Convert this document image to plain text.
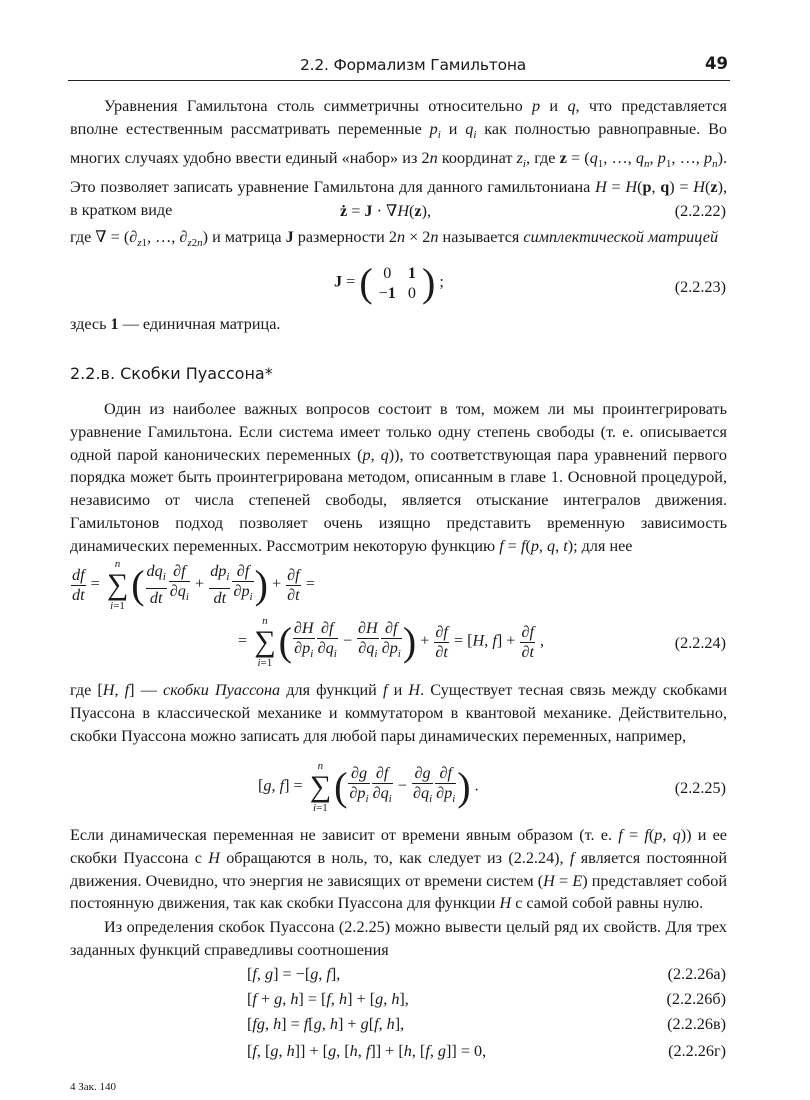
2.2. Формализм Гамильтона	49

Уравнения Гамильтона столь симметричны относительно p и q, что представляется вполне естественным рассматривать переменные $p_i$ и $q_i$ как полностью равноправные. Во многих случаях удобно ввести единый «набор» из 2n координат $z_i$, где $z = (q_1$, …, $q_n$, $p_1$, …, $p_n$). Это позволяет записать уравнение Гамильтона для данного гамильтониана H = H(p, q) = H(z), в кратком виде	ż = J · ∇H(z),	(2.2.22)

где ∇ = ($\partial_{z1}$, …, $\partial_{z2n}$) и матрица J размерности 2n × 2n называется симплектической матрицей

J = ( 0	1
−1	0 ) ;	(2.2.23)

здесь 1 — единичная матрица.

2.2.в. Скобки Пуассона*

Один из наиболее важных вопросов состоит в том, можем ли мы проинтегрировать уравнение Гамильтона. Если система имеет только одну степень свободы (т. е. описывается одной парой канонических переменных (p, q)), то соответствующая пара уравнений первого порядка может быть проинтегрирована методом, описанным в главе 1. Основной процедурой, независимо от числа степеней свободы, является отыскание интегралов движения. Гамильтонов подход позволяет очень изящно представить временную зависимость динамических переменных. Рассмотрим некоторую функцию f = f(p, q, t); для нее

$\frac{df}{dt}$ =
n
∑
i=1 ( $\frac{dq_i}{dt} \frac{\partial f}{\partial q_i} + \frac{dp_i}{dt} \frac{\partial f}{\partial p_i}$ ) + $\frac{\partial f}{\partial t}$ =
=
n
∑
i=1 ( $\frac{\partial H}{\partial p_i} \frac{\partial f}{\partial q_i} - \frac{\partial H}{\partial q_i} \frac{\partial f}{\partial p_i}$ ) + $\frac{\partial f}{\partial t} = [H$, $f] + \frac{\partial f}{\partial t}$ ,	(2.2.24)

где [H, f] — скобки Пуассона для функций f и H. Существует тесная связь между скобками Пуассона в классической механике и коммутатором в квантовой механике. Действительно, скобки Пуассона можно записать для любой пары динамических переменных, например,

[g, f] =
n
∑
i=1 ( $\frac{\partial g}{\partial p_i} \frac{\partial f}{\partial q_i} - \frac{\partial g}{\partial q_i} \frac{\partial f}{\partial p_i}$ ) .	(2.2.25)

Если динамическая переменная не зависит от времени явным образом (т. е. f = f(p, q)) и ее скобки Пуассона с H обращаются в ноль, то, как следует из (2.2.24), f является постоянной движения. Очевидно, что энергия не зависящих от времени систем (H = E) представляет собой постоянную движения, так как скобки Пуассона для функции H с самой собой равны нулю.

Из определения скобок Пуассона (2.2.25) можно вывести целый ряд их свойств. Для трех заданных функций справедливы соотношения

[f, g] = −[g, f],	(2.2.26а)
[f + g, h] = [f, h] + [g, h],	(2.2.26б)
[fg, h] = f[g, h] + g[f, h],	(2.2.26в)
[f, [g, h]] + [g, [h, f]] + [h, [f, g]] = 0,	(2.2.26г)
4 Зак. 140
